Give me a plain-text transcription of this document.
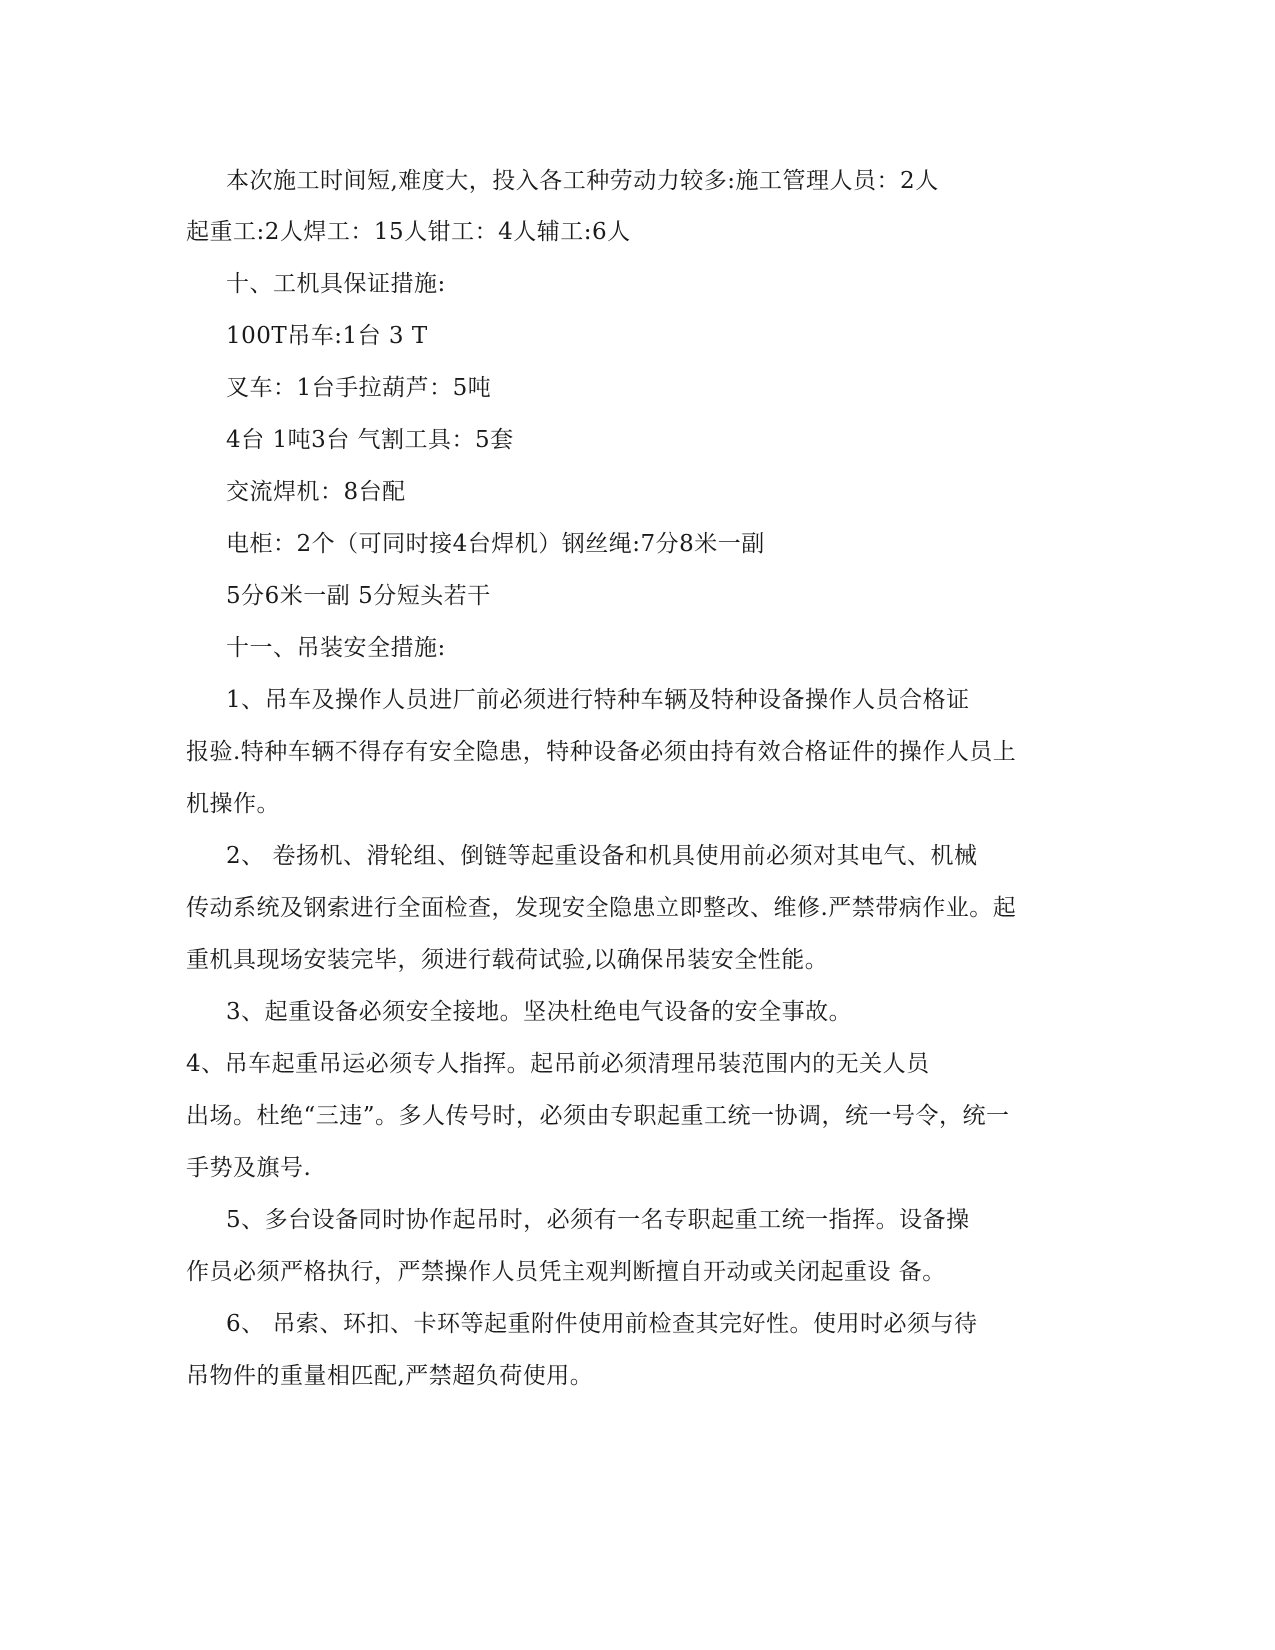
本次施工时间短,难度大，投入各工种劳动力较多:施工管理人员：2人
起重工:2人焊工：15人钳工：4人辅工:6人
十、工机具保证措施:
100T吊车:1台 3 T
叉车：1台手拉葫芦：5吨
4台 1吨3台 气割工具：5套
交流焊机：8台配
电柜：2个（可同时接4台焊机）钢丝绳:7分8米一副
5分6米一副 5分短头若干
十一、吊装安全措施:
1、吊车及操作人员进厂前必须进行特种车辆及特种设备操作人员合格证
报验.特种车辆不得存有安全隐患，特种设备必须由持有效合格证件的操作人员上
机操作。
2、 卷扬机、滑轮组、倒链等起重设备和机具使用前必须对其电气、机械
传动系统及钢索进行全面检查，发现安全隐患立即整改、维修.严禁带病作业。起
重机具现场安装完毕，须进行载荷试验,以确保吊装安全性能。
3、起重设备必须安全接地。坚决杜绝电气设备的安全事故。
4、吊车起重吊运必须专人指挥。起吊前必须清理吊装范围内的无关人员
出场。杜绝“三违”。多人传号时，必须由专职起重工统一协调，统一号令，统一
手势及旗号.
5、多台设备同时协作起吊时，必须有一名专职起重工统一指挥。设备操
作员必须严格执行，严禁操作人员凭主观判断擅自开动或关闭起重设 备。
6、 吊索、环扣、卡环等起重附件使用前检查其完好性。使用时必须与待
吊物件的重量相匹配,严禁超负荷使用。
